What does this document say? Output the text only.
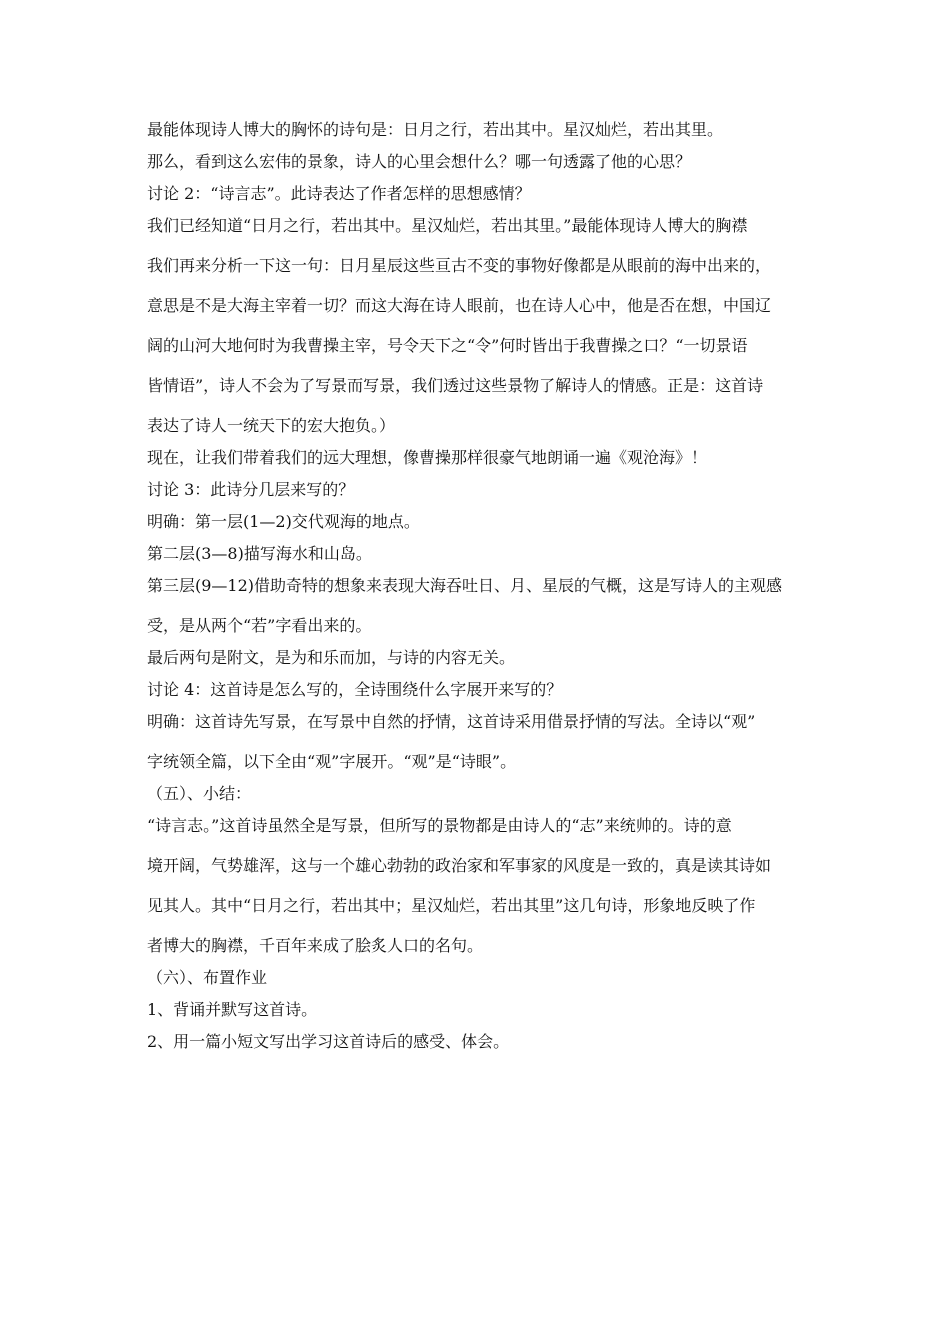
最能体现诗人博大的胸怀的诗句是：日月之行，若出其中。星汉灿烂，若出其里。

那么，看到这么宏伟的景象，诗人的心里会想什么？哪一句透露了他的心思？

讨论 2：“诗言志”。此诗表达了作者怎样的思想感情？

我们已经知道“日月之行，若出其中。星汉灿烂，若出其里。”最能体现诗人博大的胸襟

我们再来分析一下这一句：日月星辰这些亘古不变的事物好像都是从眼前的海中出来的，

意思是不是大海主宰着一切？而这大海在诗人眼前，也在诗人心中，他是否在想，中国辽

阔的山河大地何时为我曹操主宰，号令天下之“令”何时皆出于我曹操之口？“一切景语

皆情语”，诗人不会为了写景而写景，我们透过这些景物了解诗人的情感。正是：这首诗

表达了诗人一统天下的宏大抱负。）

现在，让我们带着我们的远大理想，像曹操那样很豪气地朗诵一遍《观沧海》！

讨论 3：此诗分几层来写的？

明确：第一层(1—2)交代观海的地点。

第二层(3—8)描写海水和山岛。

第三层(9—12)借助奇特的想象来表现大海吞吐日、月、星辰的气概，这是写诗人的主观感

受，是从两个“若”字看出来的。

最后两句是附文，是为和乐而加，与诗的内容无关。

讨论 4：这首诗是怎么写的，全诗围绕什么字展开来写的？

明确：这首诗先写景，在写景中自然的抒情，这首诗采用借景抒情的写法。全诗以“观”

字统领全篇，以下全由“观”字展开。“观”是“诗眼”。

（五）、小结：

“诗言志。”这首诗虽然全是写景，但所写的景物都是由诗人的“志”来统帅的。诗的意

境开阔，气势雄浑，这与一个雄心勃勃的政治家和军事家的风度是一致的，真是读其诗如

见其人。其中“日月之行，若出其中；星汉灿烂，若出其里”这几句诗，形象地反映了作

者博大的胸襟，千百年来成了脍炙人口的名句。

（六）、布置作业

1、背诵并默写这首诗。

2、用一篇小短文写出学习这首诗后的感受、体会。
